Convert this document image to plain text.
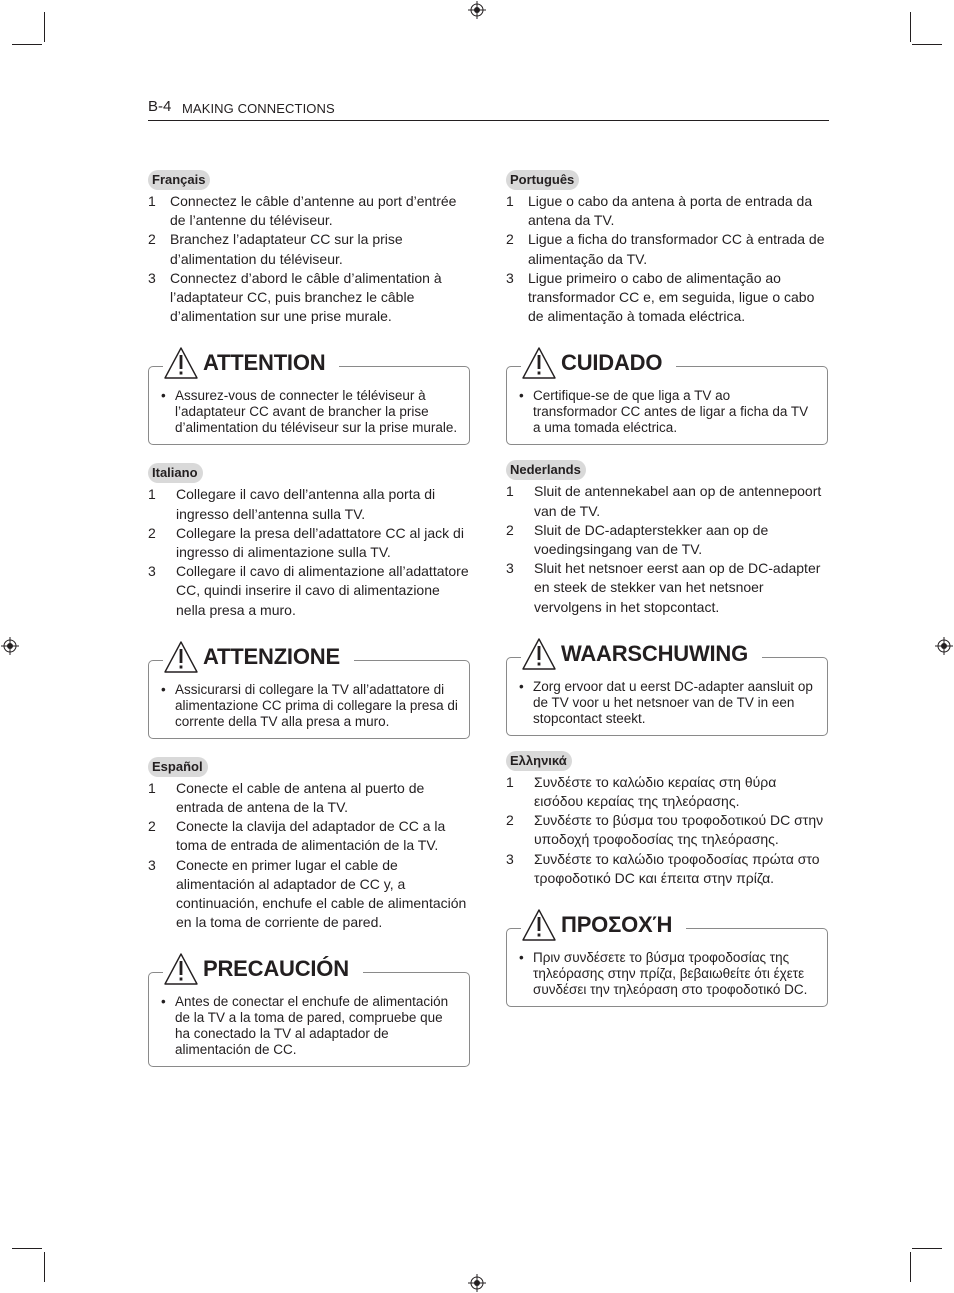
B-4 MAKING CONNECTIONS
Français
1	Connectez le câble d’antenne au port d’entrée de l’antenne du téléviseur.
2	Branchez l’adaptateur CC sur la prise d’alimentation du téléviseur.
3	Connectez d’abord le câble d’alimentation à l’adaptateur CC, puis branchez le câble d’alimentation sur une prise murale.
ATTENTION
• Assurez-vous de connecter le téléviseur à l’adaptateur CC avant de brancher la prise d’alimentation du téléviseur sur la prise murale.
Italiano
1	Collegare il cavo dell’antenna alla porta di ingresso dell’antenna sulla TV.
2	Collegare la presa dell’adattatore CC al jack di ingresso di alimentazione sulla TV.
3	Collegare il cavo di alimentazione all’adattatore CC, quindi inserire il cavo di alimentazione nella presa a muro.
ATTENZIONE
• Assicurarsi di collegare la TV all’adattatore di alimentazione CC prima di collegare la presa di corrente della TV alla presa a muro.
Español
1	Conecte el cable de antena al puerto de entrada de antena de la TV.
2	Conecte la clavija del adaptador de CC a la toma de entrada de alimentación de la TV.
3	Conecte en primer lugar el cable de alimentación al adaptador de CC y, a continuación, enchufe el cable de alimentación en la toma de corriente de pared.
PRECAUCIÓN
• Antes de conectar el enchufe de alimentación de la TV a la toma de pared, compruebe que ha conectado la TV al adaptador de alimentación de CC.
Português
1	Ligue o cabo da antena à porta de entrada da antena da TV.
2	Ligue a ficha do transformador CC à entrada de alimentação da TV.
3	Ligue primeiro o cabo de alimentação ao transformador CC e, em seguida, ligue o cabo de alimentação à tomada eléctrica.
CUIDADO
• Certifique-se de que liga a TV ao transformador CC antes de ligar a ficha da TV a uma tomada eléctrica.
Nederlands
1	Sluit de antennekabel aan op de antennepoort van de TV.
2	Sluit de DC-adapterstekker aan op de voedingsingang van de TV.
3	Sluit het netsnoer eerst aan op de DC-adapter en steek de stekker van het netsnoer vervolgens in het stopcontact.
WAARSCHUWING
• Zorg ervoor dat u eerst DC-adapter aansluit op de TV voor u het netsnoer van de TV in een stopcontact steekt.
Ελληνικά
1	Συνδέστε το καλώδιο κεραίας στη θύρα εισόδου κεραίας της τηλεόρασης.
2	Συνδέστε το βύσμα του τροφοδοτικού DC στην υποδοχή τροφοδοσίας της τηλεόρασης.
3	Συνδέστε το καλώδιο τροφοδοσίας πρώτα στο τροφοδοτικό DC και έπειτα στην πρίζα.
ΠΡΟΣΟΧΉ
• Πριν συνδέσετε το βύσμα τροφοδοσίας της τηλεόρασης στην πρίζα, βεβαιωθείτε ότι έχετε συνδέσει την τηλεόραση στο τροφοδοτικό DC.
